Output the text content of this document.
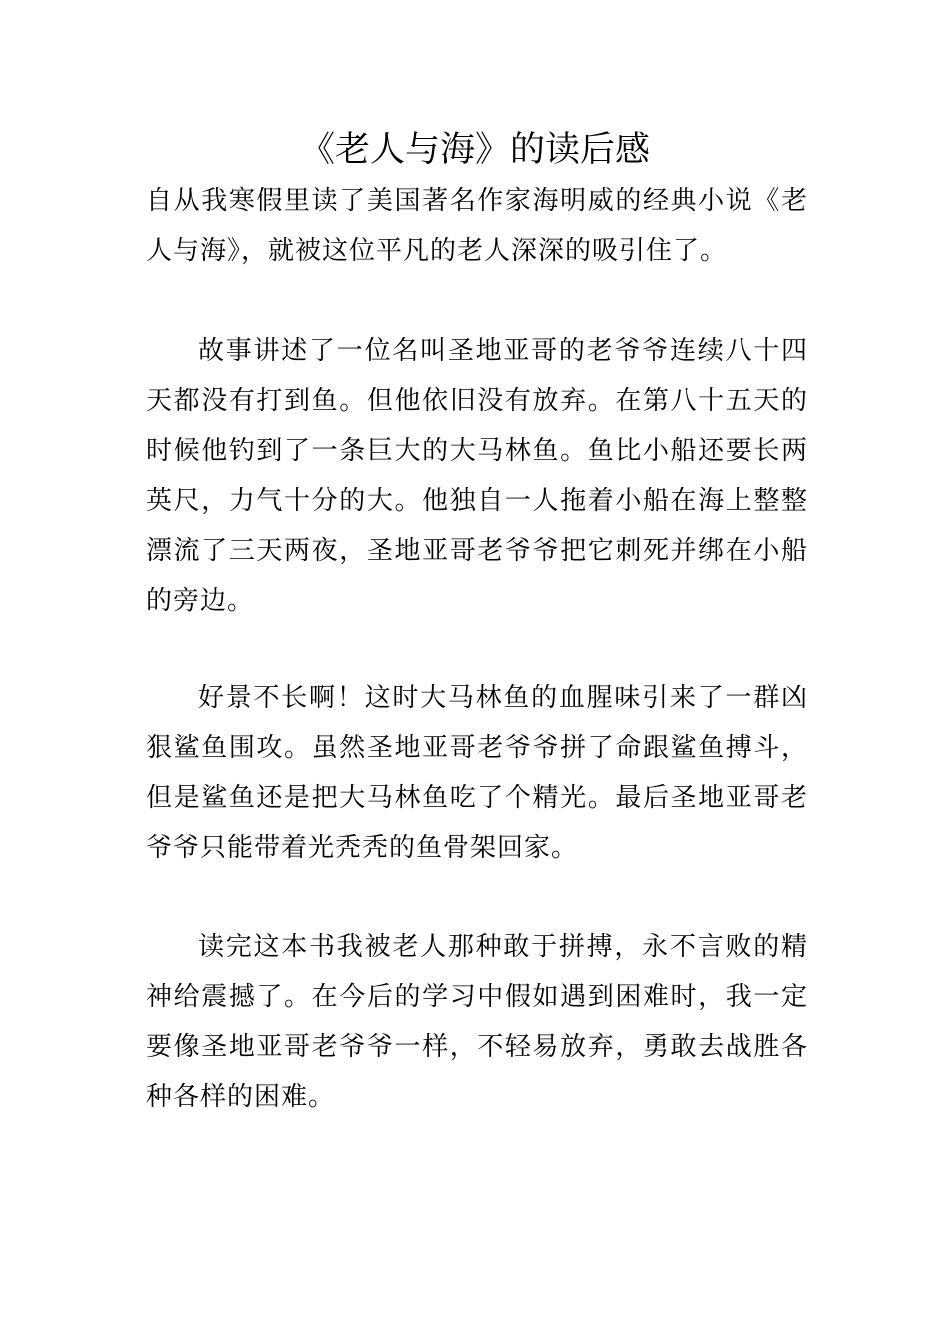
《老人与海》的读后感

自从我寒假里读了美国著名作家海明威的经典小说《老人与海》，就被这位平凡的老人深深的吸引住了。

故事讲述了一位名叫圣地亚哥的老爷爷连续八十四天都没有打到鱼。但他依旧没有放弃。在第八十五天的时候他钓到了一条巨大的大马林鱼。鱼比小船还要长两英尺，力气十分的大。他独自一人拖着小船在海上整整漂流了三天两夜，圣地亚哥老爷爷把它刺死并绑在小船的旁边。

好景不长啊！这时大马林鱼的血腥味引来了一群凶狠鲨鱼围攻。虽然圣地亚哥老爷爷拼了命跟鲨鱼搏斗，但是鲨鱼还是把大马林鱼吃了个精光。最后圣地亚哥老爷爷只能带着光秃秃的鱼骨架回家。

读完这本书我被老人那种敢于拼搏，永不言败的精神给震撼了。在今后的学习中假如遇到困难时，我一定要像圣地亚哥老爷爷一样，不轻易放弃，勇敢去战胜各种各样的困难。
